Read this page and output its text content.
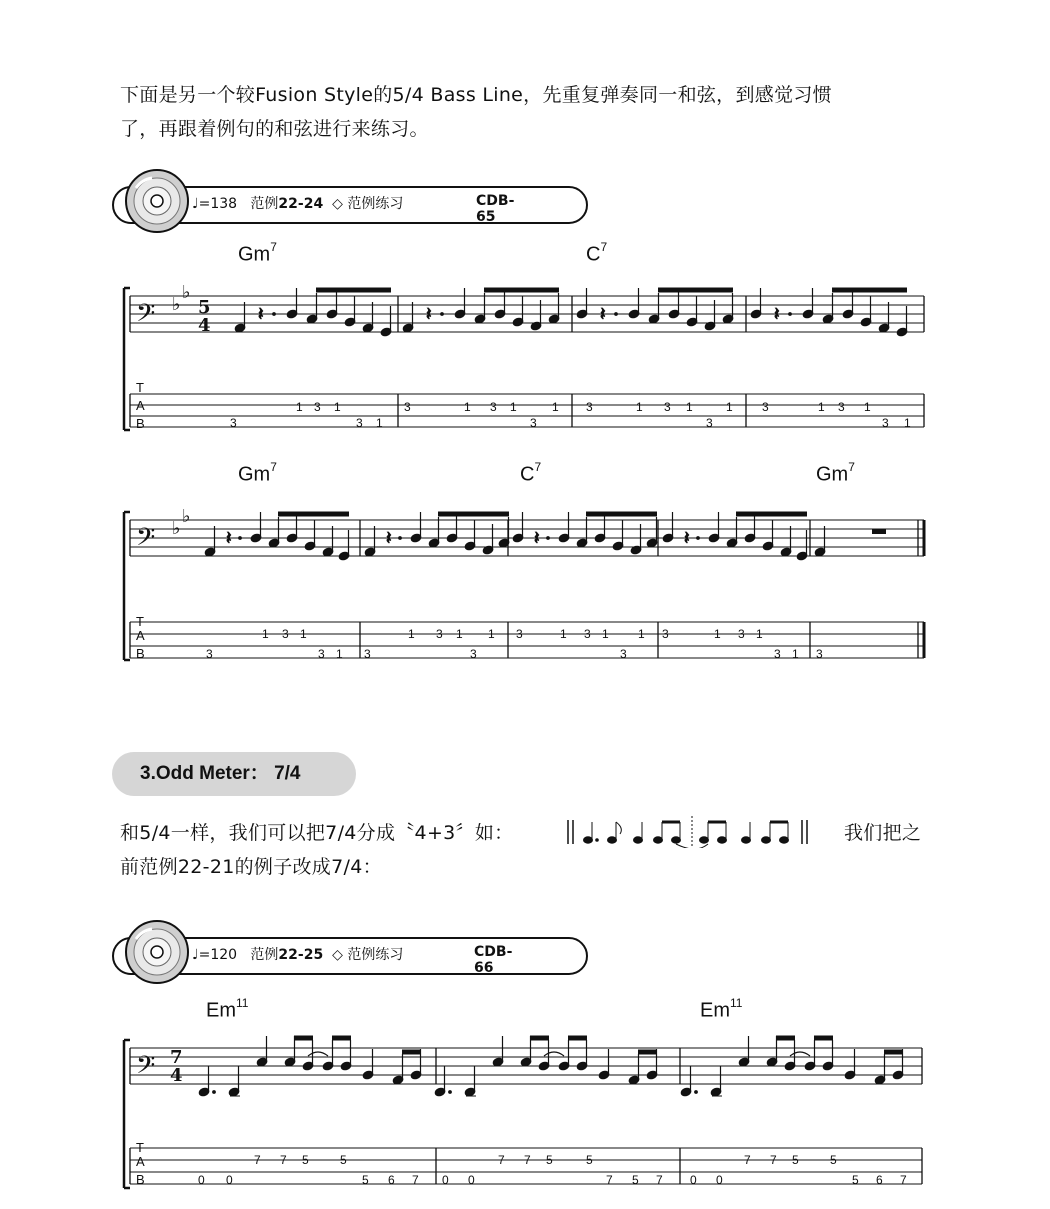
下面是另一个较Fusion Style的5/4 Bass Line，先重复弹奏同一和弦，到感觉习惯
了，再跟着例句的和弦进行来练习。
♩=138 范例22-24 ◇ 范例练习	CDB-65
Gm$^7$	$C^7$
𝄢 ♭
♭
5
4
T
A
B
𝄽	𝄽	𝄽	𝄽
3
1 3 1
3 1
3	1 3 1
3
1 3	1 3 1
3
1 3	1 3 1
3 1
𝄢 ♭
♭
T
A
B
𝄽	𝄽	𝄽	𝄽
3
1 3 1
3 1 3
1 3 1
3
1 3	1 3 1
3
1 3	1 3 1
3 1 3
𝄢 7
4
T
A
B	0 0
7 7 5	5
5 6 7 0 0
7 7 5	5
7 5 7 0 0
7 7 5	5
5 6 7
Gm$^7$	$C^7$	Gm$^7$
3.Odd Meter： 7/4
和5/4一样，我们可以把7/4分成〝4+3〞如：	我们把之
前范例22-21的例子改成7/4：
♩=120 范例22-25 ◇ 范例练习	CDB-66
Em$^{11}$	Em$^{11}$
